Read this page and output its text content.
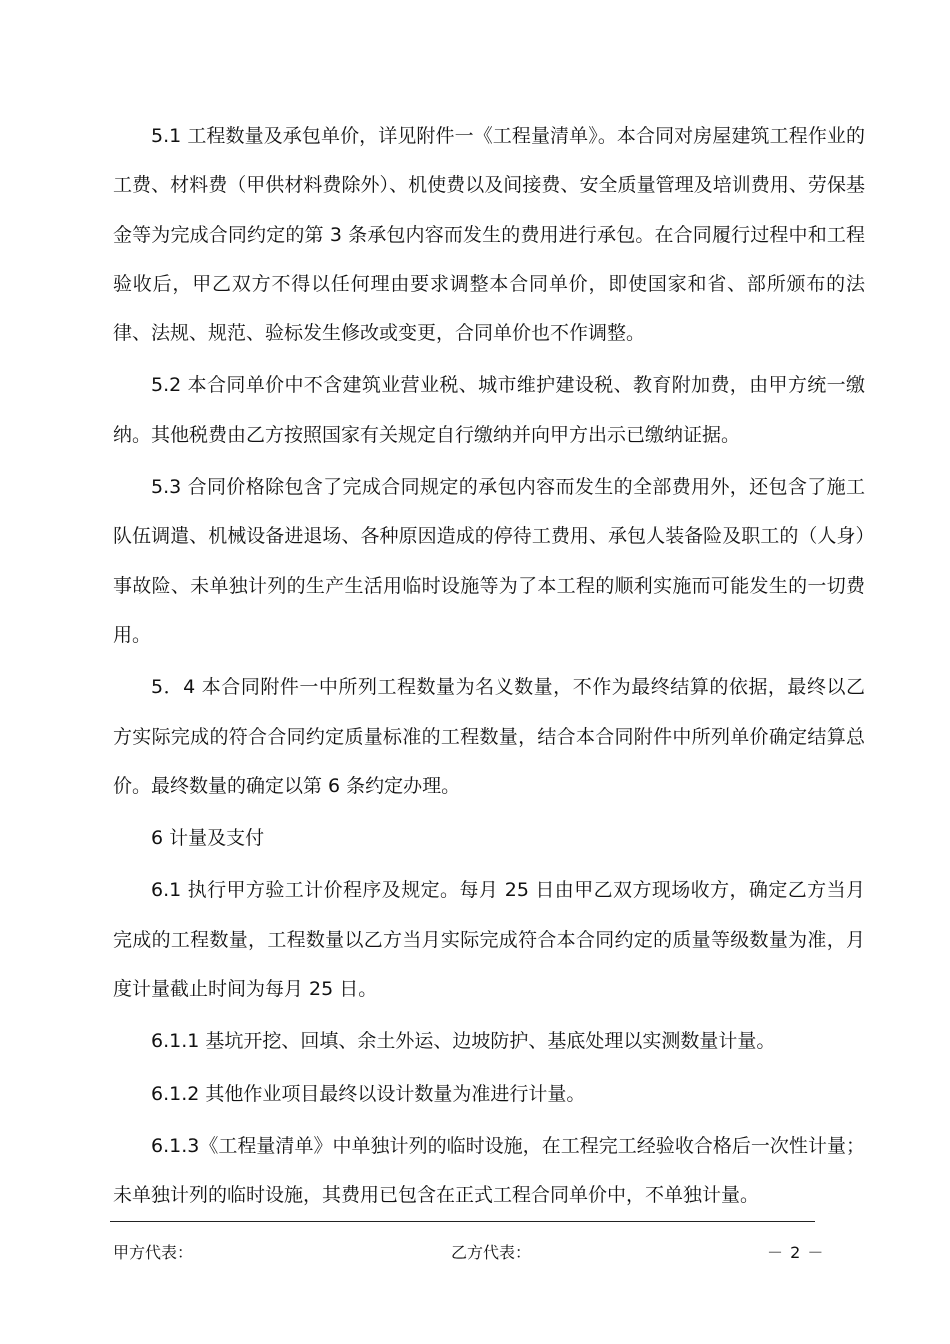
5.1 工程数量及承包单价，详见附件一《工程量清单》。本合同对房屋建筑工程作业的工费、材料费（甲供材料费除外）、机使费以及间接费、安全质量管理及培训费用、劳保基金等为完成合同约定的第 3 条承包内容而发生的费用进行承包。在合同履行过程中和工程验收后，甲乙双方不得以任何理由要求调整本合同单价，即使国家和省、部所颁布的法律、法规、规范、验标发生修改或变更，合同单价也不作调整。

5.2 本合同单价中不含建筑业营业税、城市维护建设税、教育附加费，由甲方统一缴纳。其他税费由乙方按照国家有关规定自行缴纳并向甲方出示已缴纳证据。

5.3 合同价格除包含了完成合同规定的承包内容而发生的全部费用外，还包含了施工队伍调遣、机械设备进退场、各种原因造成的停待工费用、承包人装备险及职工的（人身）事故险、未单独计列的生产生活用临时设施等为了本工程的顺利实施而可能发生的一切费用。

5．4 本合同附件一中所列工程数量为名义数量，不作为最终结算的依据，最终以乙方实际完成的符合合同约定质量标准的工程数量，结合本合同附件中所列单价确定结算总价。最终数量的确定以第 6 条约定办理。

6 计量及支付

6.1 执行甲方验工计价程序及规定。每月 25 日由甲乙双方现场收方，确定乙方当月完成的工程数量，工程数量以乙方当月实际完成符合本合同约定的质量等级数量为准，月度计量截止时间为每月 25 日。

6.1.1 基坑开挖、回填、余土外运、边坡防护、基底处理以实测数量计量。

6.1.2 其他作业项目最终以设计数量为准进行计量。

6.1.3《工程量清单》中单独计列的临时设施，在工程完工经验收合格后一次性计量；未单独计列的临时设施，其费用已包含在正式工程合同单价中，不单独计量。

甲方代表：	乙方代表：	－ 2 －
